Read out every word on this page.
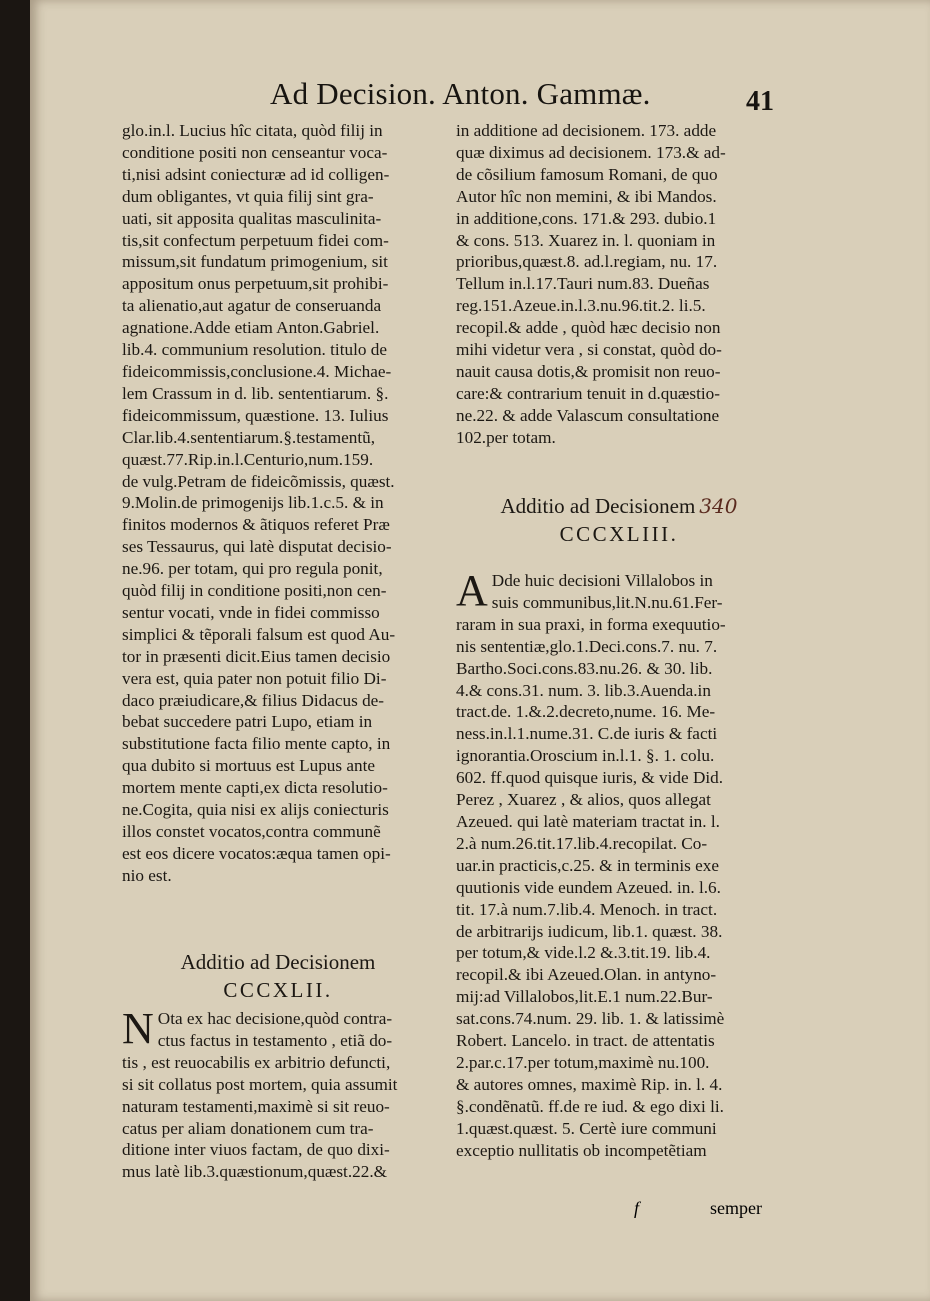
Ad Decision. Anton. Gammæ.	41
glo.in.l. Lucius hîc citata, quòd filij in
conditione positi non censeantur voca-
ti,nisi adsint coniecturæ ad id colligen-
dum obligantes, vt quia filij sint gra-
uati, sit apposita qualitas masculinita-
tis,sit confectum perpetuum fidei com-
missum,sit fundatum primogenium, sit
appositum onus perpetuum,sit prohibi-
ta alienatio,aut agatur de conseruanda
agnatione.Adde etiam Anton.Gabriel.
lib.4. communium resolution. titulo de
fideicommissis,conclusione.4. Michae-
lem Crassum in d. lib. sententiarum. §.
fideicommissum, quæstione. 13. Iulius
Clar.lib.4.sententiarum.§.testamentũ,
quæst.77.Rip.in.l.Centurio,num.159.
de vulg.Petram de fideicõmissis, quæst.
9.Molin.de primogenijs lib.1.c.5. & in
finitos modernos & ãtiquos referet Præ
ses Tessaurus, qui latè disputat decisio-
ne.96. per totam, qui pro regula ponit,
quòd filij in conditione positi,non cen-
sentur vocati, vnde in fidei commisso
simplici & tẽporali falsum est quod Au-
tor in præsenti dicit.Eius tamen decisio
vera est, quia pater non potuit filio Di-
daco præiudicare,& filius Didacus de-
bebat succedere patri Lupo, etiam in
substitutione facta filio mente capto, in
qua dubito si mortuus est Lupus ante
mortem mente capti,ex dicta resolutio-
ne.Cogita, quia nisi ex alijs coniecturis
illos constet vocatos,contra communẽ
est eos dicere vocatos:æqua tamen opi-
nio est.
Additio ad Decisionem
CCCXLII.
N Ota ex hac decisione,quòd contra-
ctus factus in testamento , etiã do-
tis , est reuocabilis ex arbitrio defuncti,
si sit collatus post mortem, quia assumit
naturam testamenti,maximè si sit reuo-
catus per aliam donationem cum tra-
ditione inter viuos factam, de quo dixi-
mus latè lib.3.quæstionum,quæst.22.&
in additione ad decisionem. 173. adde
quæ diximus ad decisionem. 173.& ad-
de cõsilium famosum Romani, de quo
Autor hîc non memini, & ibi Mandos.
in additione,cons. 171.& 293. dubio.1
& cons. 513. Xuarez in. l. quoniam in
prioribus,quæst.8. ad.l.regiam, nu. 17.
Tellum in.l.17.Tauri num.83. Dueñas
reg.151.Azeue.in.l.3.nu.96.tit.2. li.5.
recopil.& adde , quòd hæc decisio non
mihi videtur vera , si constat, quòd do-
nauit causa dotis,& promisit non reuo-
care:& contrarium tenuit in d.quæstio-
ne.22. & adde Valascum consultatione
102.per totam.
Additio ad Decisionem 340
CCCXLIII.
A Dde huic decisioni Villalobos in
suis communibus,lit.N.nu.61.Fer-
raram in sua praxi, in forma exequutio-
nis sententiæ,glo.1.Deci.cons.7. nu. 7.
Bartho.Soci.cons.83.nu.26. & 30. lib.
4.& cons.31. num. 3. lib.3.Auenda.in
tract.de. 1.&.2.decreto,nume. 16. Me-
ness.in.l.1.nume.31. C.de iuris & facti
ignorantia.Oroscium in.l.1. §. 1. colu.
602. ff.quod quisque iuris, & vide Did.
Perez , Xuarez , & alios, quos allegat
Azeued. qui latè materiam tractat in. l.
2.à num.26.tit.17.lib.4.recopilat. Co-
uar.in practicis,c.25. & in terminis exe
quutionis vide eundem Azeued. in. l.6.
tit. 17.à num.7.lib.4. Menoch. in tract.
de arbitrarijs iudicum, lib.1. quæst. 38.
per totum,& vide.l.2 &.3.tit.19. lib.4.
recopil.& ibi Azeued.Olan. in antyno-
mij:ad Villalobos,lit.E.1 num.22.Bur-
sat.cons.74.num. 29. lib. 1. & latissimè
Robert. Lancelo. in tract. de attentatis
2.par.c.17.per totum,maximè nu.100.
& autores omnes, maximè Rip. in. l. 4.
§.condẽnatũ. ff.de re iud. & ego dixi li.
1.quæst.quæst. 5. Certè iure communi
exceptio nullitatis ob incompetẽtiam
f	semper
